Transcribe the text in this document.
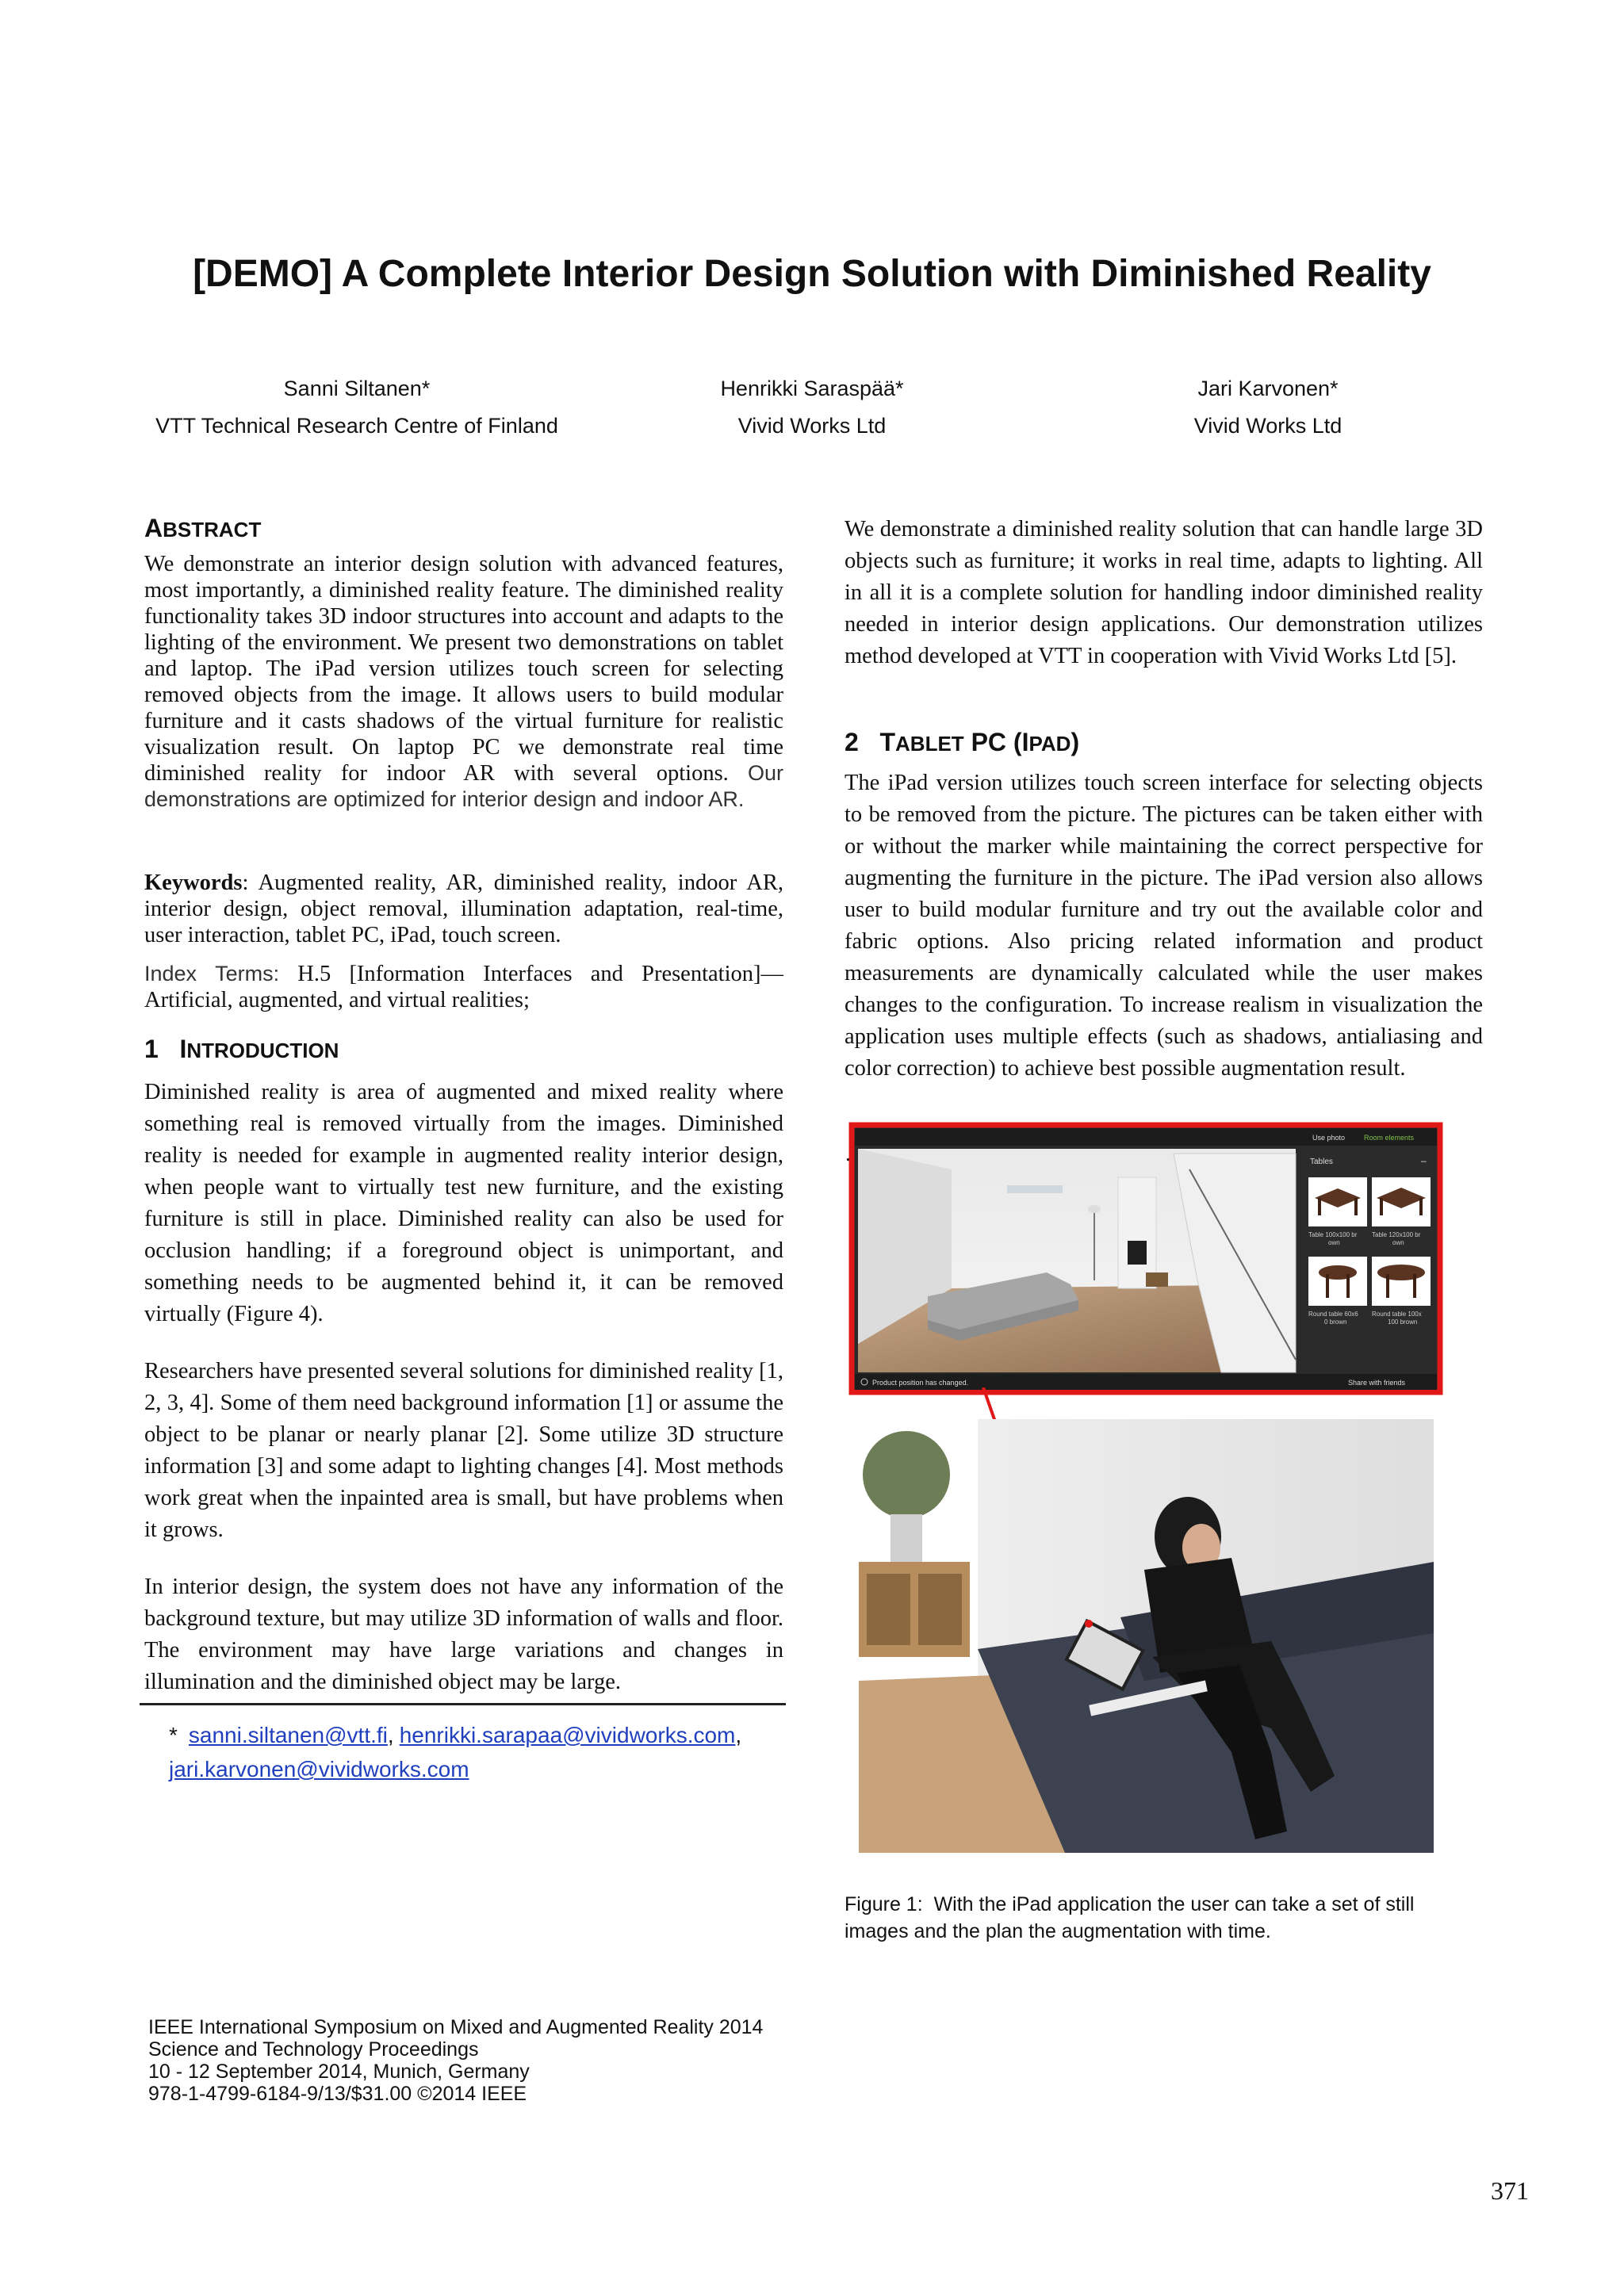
[DEMO] A Complete Interior Design Solution with Diminished Reality
Sanni Siltanen*
VTT Technical Research Centre of Finland
Henrikki Saraspää*
Vivid Works Ltd
Jari Karvonen*
Vivid Works Ltd
ABSTRACT
We demonstrate an interior design solution with advanced features, most importantly, a diminished reality feature. The diminished reality functionality takes 3D indoor structures into account and adapts to the lighting of the environment. We present two demonstrations on tablet and laptop. The iPad version utilizes touch screen for selecting removed objects from the image. It allows users to build modular furniture and it casts shadows of the virtual furniture for realistic visualization result. On laptop PC we demonstrate real time diminished reality for indoor AR with several options. Our demonstrations are optimized for interior design and indoor AR.
Keywords: Augmented reality, AR, diminished reality, indoor AR, interior design, object removal, illumination adaptation, real-time, user interaction, tablet PC, iPad, touch screen.
Index Terms: H.5 [Information Interfaces and Presentation]—Artificial, augmented, and virtual realities;
1 INTRODUCTION
Diminished reality is area of augmented and mixed reality where something real is removed virtually from the images. Diminished reality is needed for example in augmented reality interior design, when people want to virtually test new furniture, and the existing furniture is still in place. Diminished reality can also be used for occlusion handling; if a foreground object is unimportant, and something needs to be augmented behind it, it can be removed virtually (Figure 4).
Researchers have presented several solutions for diminished reality [1, 2, 3, 4]. Some of them need background information [1] or assume the object to be planar or nearly planar [2]. Some utilize 3D structure information [3] and some adapt to lighting changes [4]. Most methods work great when the inpainted area is small, but have problems when it grows.
In interior design, the system does not have any information of the background texture, but may utilize 3D information of walls and floor. The environment may have large variations and changes in illumination and the diminished object may be large.
* sanni.siltanen@vtt.fi, henrikki.sarapaa@vividworks.com,
jari.karvonen@vividworks.com
We demonstrate a diminished reality solution that can handle large 3D objects such as furniture; it works in real time, adapts to lighting. All in all it is a complete solution for handling indoor diminished reality needed in interior design applications. Our demonstration utilizes method developed at VTT in cooperation with Vivid Works Ltd [5].
2 TABLET PC (IPAD)
The iPad version utilizes touch screen interface for selecting objects to be removed from the picture. The pictures can be taken either with or without the marker while maintaining the correct perspective for augmenting the furniture in the picture. The iPad version also allows user to build modular furniture and try out the available color and fabric options. Also pricing related information and product measurements are dynamically calculated while the user makes changes to the configuration. To increase realism in visualization the application uses multiple effects (such as shadows, antialiasing and color correction) to achieve best possible augmentation result.
.
Use photo	Room elements
Tables	–
Table 100x100 br
own
Table 120x100 br
own
Round table 60x6
0 brown
Round table 100x
100 brown
Product position has changed.	Share with friends
Figure 1: With the iPad application the user can take a set of still images and the plan the augmentation with time.
IEEE International Symposium on Mixed and Augmented Reality 2014
Science and Technology Proceedings
10 - 12 September 2014, Munich, Germany
978-1-4799-6184-9/13/$31.00 ©2014 IEEE
371
